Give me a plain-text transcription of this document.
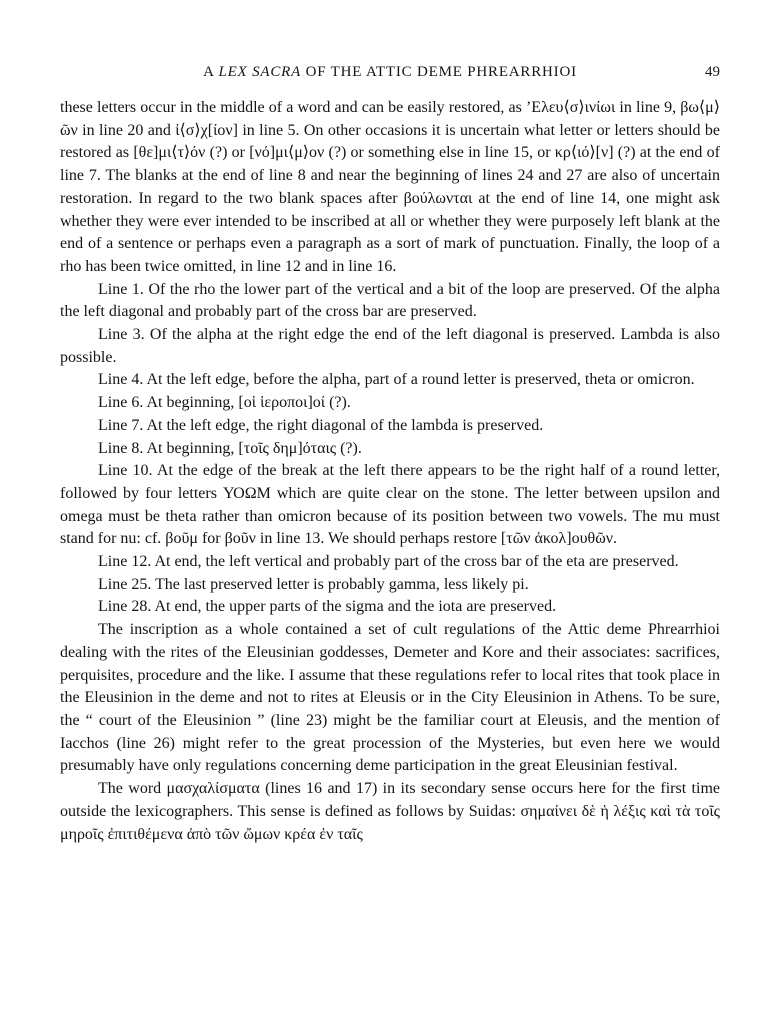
A LEX SACRA OF THE ATTIC DEME PHREARRHIOI	49

these letters occur in the middle of a word and can be easily restored, as ’Ελευ⟨σ⟩ινίωι in line 9, βω⟨μ⟩ῶν in line 20 and ἰ⟨σ⟩χ[ίον] in line 5. On other occasions it is uncertain what letter or letters should be restored as [θε]μι⟨τ⟩όν (?) or [νό]μι⟨μ⟩ον (?) or something else in line 15, or κρ⟨ιό⟩[ν] (?) at the end of line 7. The blanks at the end of line 8 and near the beginning of lines 24 and 27 are also of uncertain restoration. In regard to the two blank spaces after βούλωνται at the end of line 14, one might ask whether they were ever intended to be inscribed at all or whether they were purposely left blank at the end of a sentence or perhaps even a paragraph as a sort of mark of punctuation. Finally, the loop of a rho has been twice omitted, in line 12 and in line 16.

Line 1. Of the rho the lower part of the vertical and a bit of the loop are preserved. Of the alpha the left diagonal and probably part of the cross bar are preserved.

Line 3. Of the alpha at the right edge the end of the left diagonal is preserved. Lambda is also possible.

Line 4. At the left edge, before the alpha, part of a round letter is preserved, theta or omicron.

Line 6. At beginning, [οἱ ἱεροποι]οί (?).

Line 7. At the left edge, the right diagonal of the lambda is preserved.

Line 8. At beginning, [τοῖς δημ]όταις (?).

Line 10. At the edge of the break at the left there appears to be the right half of a round letter, followed by four letters ΥΟΩΜ which are quite clear on the stone. The letter between upsilon and omega must be theta rather than omicron because of its position between two vowels. The mu must stand for nu: cf. βοῦμ for βοῦν in line 13. We should perhaps restore [τῶν ἀκολ]ουθῶν.

Line 12. At end, the left vertical and probably part of the cross bar of the eta are preserved.

Line 25. The last preserved letter is probably gamma, less likely pi.

Line 28. At end, the upper parts of the sigma and the iota are preserved.

The inscription as a whole contained a set of cult regulations of the Attic deme Phrearrhioi dealing with the rites of the Eleusinian goddesses, Demeter and Kore and their associates: sacrifices, perquisites, procedure and the like. I assume that these regulations refer to local rites that took place in the Eleusinion in the deme and not to rites at Eleusis or in the City Eleusinion in Athens. To be sure, the “ court of the Eleusinion ” (line 23) might be the familiar court at Eleusis, and the mention of Iacchos (line 26) might refer to the great procession of the Mysteries, but even here we would presumably have only regulations concerning deme participation in the great Eleusinian festival.

The word μασχαλίσματα (lines 16 and 17) in its secondary sense occurs here for the first time outside the lexicographers. This sense is defined as follows by Suidas: σημαίνει δὲ ἡ λέξις καὶ τὰ τοῖς μηροῖς ἐπιτιθέμενα ἀπὸ τῶν ὤμων κρέα ἐν ταῖς
